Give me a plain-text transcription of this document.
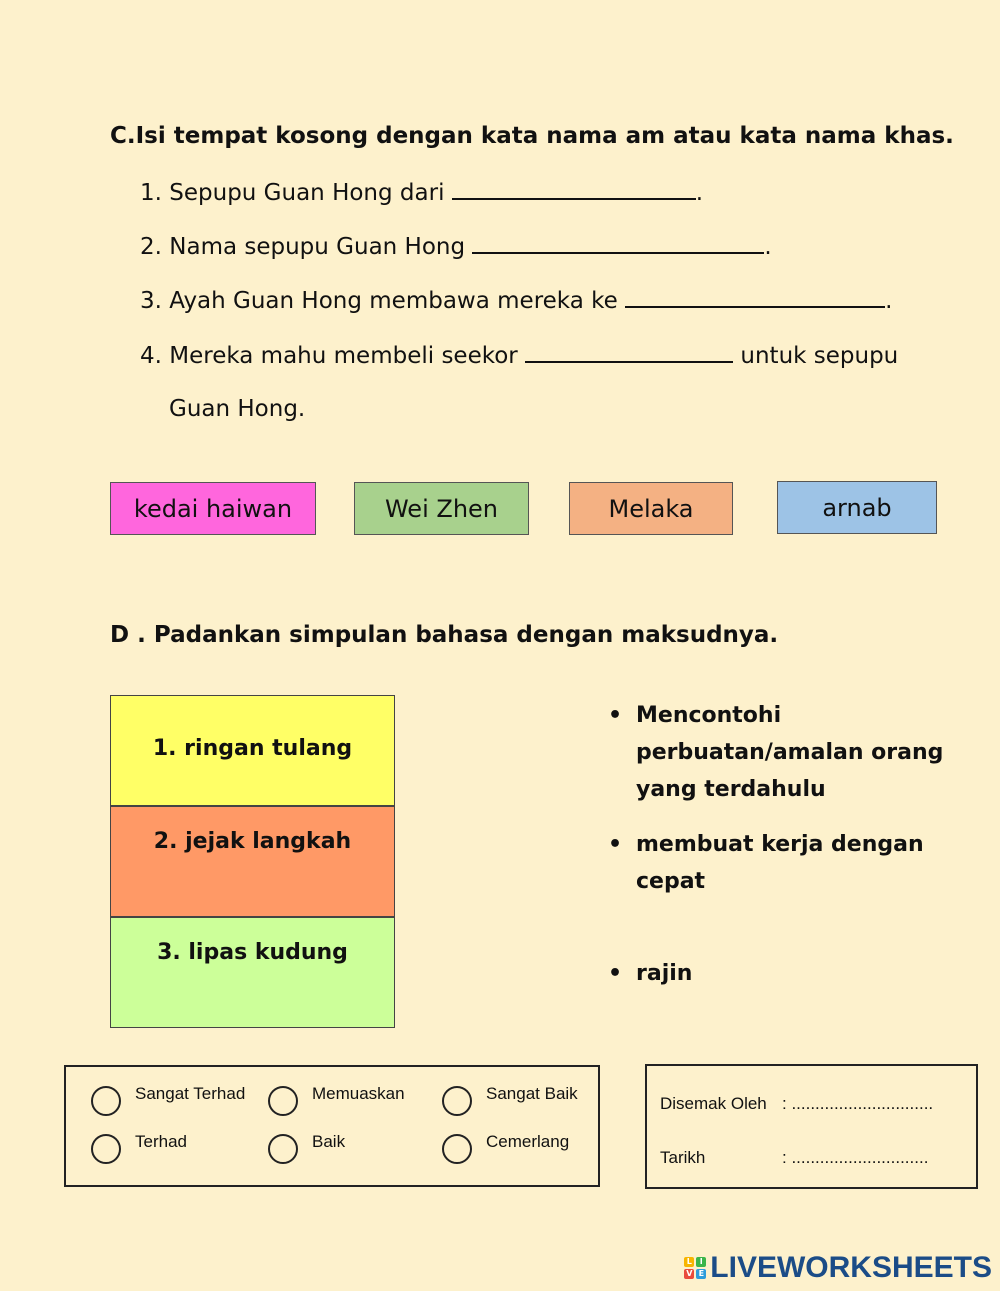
C.Isi tempat kosong dengan kata nama am atau kata nama khas.
1. Sepupu Guan Hong dari	.
2. Nama sepupu Guan Hong	.
3. Ayah Guan Hong membawa mereka ke	.
4. Mereka mahu membeli seekor	untuk sepupu
Guan Hong.
kedai haiwan	Wei Zhen	Melaka	arnab
D . Padankan simpulan bahasa dengan maksudnya.
1. ringan tulang
2. jejak langkah
3. lipas kudung
• Mencontohi
perbuatan/amalan orang
yang terdahulu
• membuat kerja dengan
cepat
• rajin
Sangat Terhad
Terhad
Memuaskan
Baik
Sangat Baik
Cemerlang
Disemak Oleh : ..............................
Tarikh	: .............................
L I
V E LIVEWORKSHEETS
